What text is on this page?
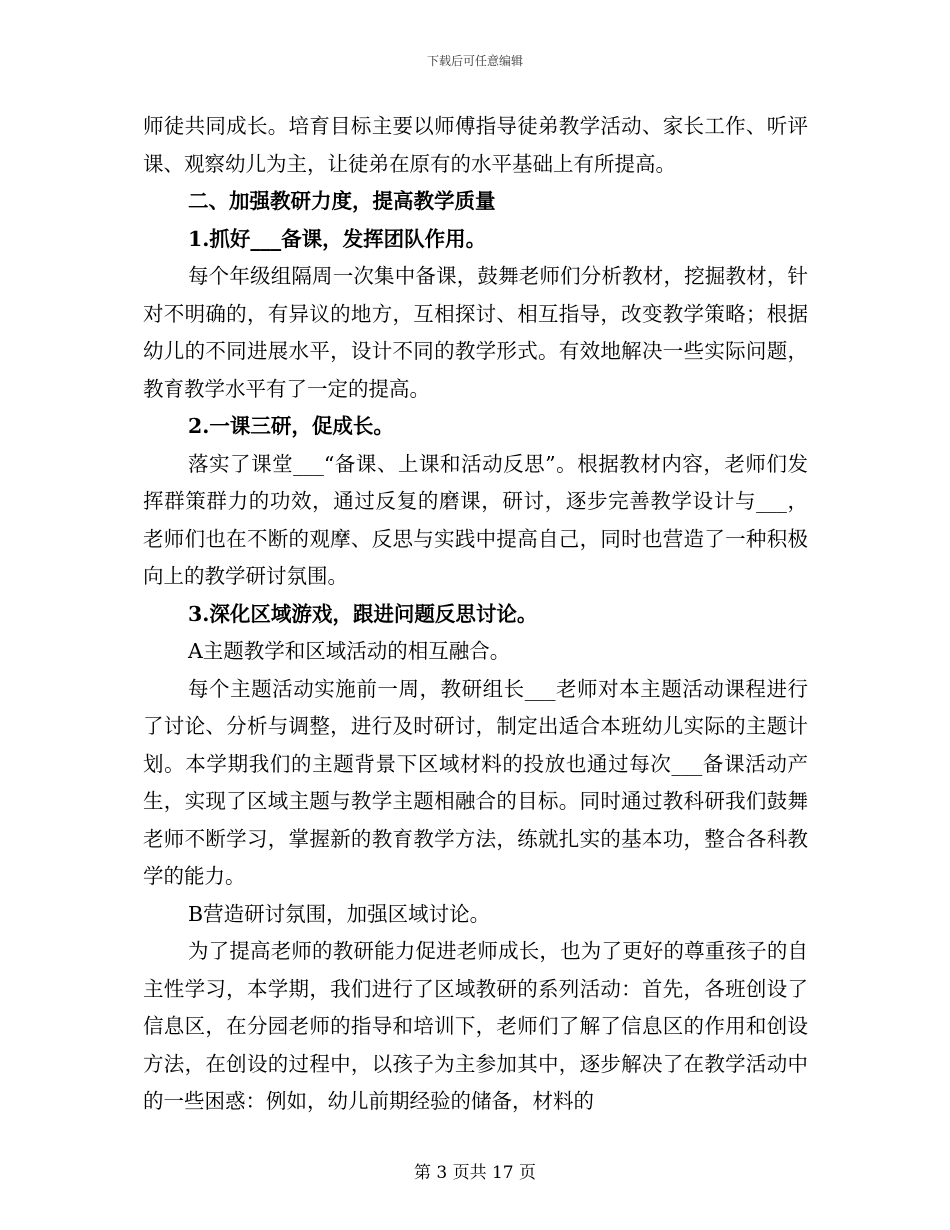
下载后可任意编辑

师徒共同成长。培育目标主要以师傅指导徒弟教学活动、家长工作、听评课、观察幼儿为主，让徒弟在原有的水平基础上有所提高。

二、加强教研力度，提高教学质量

1.抓好___备课，发挥团队作用。

每个年级组隔周一次集中备课，鼓舞老师们分析教材，挖掘教材，针对不明确的，有异议的地方，互相探讨、相互指导，改变教学策略；根据幼儿的不同进展水平，设计不同的教学形式。有效地解决一些实际问题，教育教学水平有了一定的提高。

2.一课三研，促成长。

落实了课堂___“备课、上课和活动反思”。根据教材内容，老师们发挥群策群力的功效，通过反复的磨课，研讨，逐步完善教学设计与___，老师们也在不断的观摩、反思与实践中提高自己，同时也营造了一种积极向上的教学研讨氛围。

3.深化区域游戏，跟进问题反思讨论。

A主题教学和区域活动的相互融合。

每个主题活动实施前一周，教研组长___老师对本主题活动课程进行了讨论、分析与调整，进行及时研讨，制定出适合本班幼儿实际的主题计划。本学期我们的主题背景下区域材料的投放也通过每次___备课活动产生，实现了区域主题与教学主题相融合的目标。同时通过教科研我们鼓舞老师不断学习，掌握新的教育教学方法，练就扎实的基本功，整合各科教学的能力。

B营造研讨氛围，加强区域讨论。

为了提高老师的教研能力促进老师成长，也为了更好的尊重孩子的自主性学习，本学期，我们进行了区域教研的系列活动：首先，各班创设了信息区，在分园老师的指导和培训下，老师们了解了信息区的作用和创设方法，在创设的过程中，以孩子为主参加其中，逐步解决了在教学活动中的一些困惑：例如，幼儿前期经验的储备，材料的

第 3 页共 17 页
